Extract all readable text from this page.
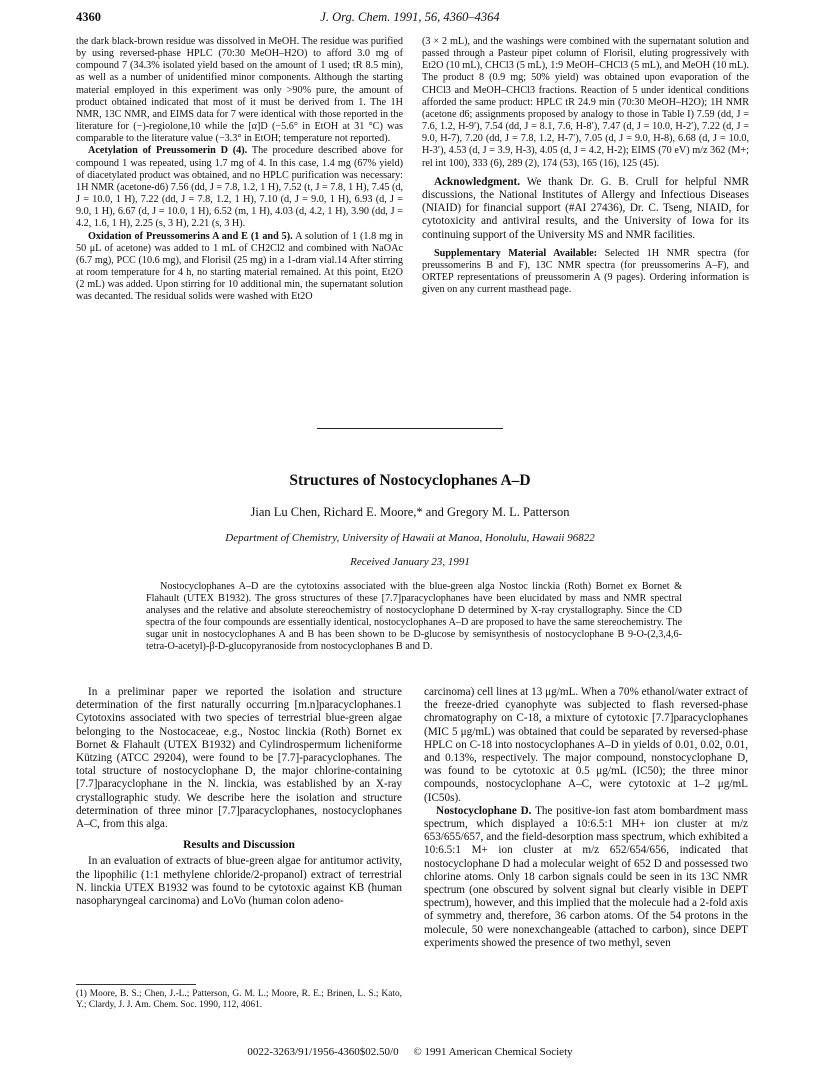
4360	J. Org. Chem. 1991, 56, 4360–4364

the dark black-brown residue was dissolved in MeOH. The residue was purified by using reversed-phase HPLC (70:30 MeOH–H2O) to afford 3.0 mg of compound 7 (34.3% isolated yield based on the amount of 1 used; tR 8.5 min), as well as a number of unidentified minor components. Although the starting material employed in this experiment was only >90% pure, the amount of product obtained indicated that most of it must be derived from 1. The 1H NMR, 13C NMR, and EIMS data for 7 were identical with those reported in the literature for (−)-regiolone,10 while the [α]D (−5.6° in EtOH at 31 °C) was comparable to the literature value (−3.3° in EtOH; temperature not reported).

Acetylation of Preussomerin D (4). The procedure described above for compound 1 was repeated, using 1.7 mg of 4. In this case, 1.4 mg (67% yield) of diacetylated product was obtained, and no HPLC purification was necessary: 1H NMR (acetone-d6) 7.56 (dd, J = 7.8, 1.2, 1 H), 7.52 (t, J = 7.8, 1 H), 7.45 (d, J = 10.0, 1 H), 7.22 (dd, J = 7.8, 1.2, 1 H), 7.10 (d, J = 9.0, 1 H), 6.93 (d, J = 9.0, 1 H), 6.67 (d, J = 10.0, 1 H), 6.52 (m, 1 H), 4.03 (d, 4.2, 1 H), 3.90 (dd, J = 4.2, 1.6, 1 H), 2.25 (s, 3 H), 2.21 (s, 3 H).

Oxidation of Preussomerins A and E (1 and 5). A solution of 1 (1.8 mg in 50 μL of acetone) was added to 1 mL of CH2Cl2 and combined with NaOAc (6.7 mg), PCC (10.6 mg), and Florisil (25 mg) in a 1-dram vial.14 After stirring at room temperature for 4 h, no starting material remained. At this point, Et2O (2 mL) was added. Upon stirring for 10 additional min, the supernatant solution was decanted. The residual solids were washed with Et2O

(3 × 2 mL), and the washings were combined with the supernatant solution and passed through a Pasteur pipet column of Florisil, eluting progressively with Et2O (10 mL), CHCl3 (5 mL), 1:9 MeOH–CHCl3 (5 mL), and MeOH (10 mL). The product 8 (0.9 mg; 50% yield) was obtained upon evaporation of the CHCl3 and MeOH–CHCl3 fractions. Reaction of 5 under identical conditions afforded the same product: HPLC tR 24.9 min (70:30 MeOH–H2O); 1H NMR (acetone d6; assignments proposed by analogy to those in Table I) 7.59 (dd, J = 7.6, 1.2, H-9′), 7.54 (dd, J = 8.1, 7.6, H-8′), 7.47 (d, J = 10.0, H-2′), 7.22 (d, J = 9.0, H-7), 7.20 (dd, J = 7.8, 1.2, H-7′), 7.05 (d, J = 9.0, H-8), 6.68 (d, J = 10.0, H-3′), 4.53 (d, J = 3.9, H-3), 4.05 (d, J = 4.2, H-2); EIMS (70 eV) m/z 362 (M+; rel int 100), 333 (6), 289 (2), 174 (53), 165 (16), 125 (45).

Acknowledgment. We thank Dr. G. B. Crull for helpful NMR discussions, the National Institutes of Allergy and Infectious Diseases (NIAID) for financial support (#AI 27436), Dr. C. Tseng, NIAID, for cytotoxicity and antiviral results, and the University of Iowa for its continuing support of the University MS and NMR facilities.

Supplementary Material Available: Selected 1H NMR spectra (for preussomerins B and F), 13C NMR spectra (for preussomerins A–F), and ORTEP representations of preussomerin A (9 pages). Ordering information is given on any current masthead page.

Structures of Nostocyclophanes A–D
Jian Lu Chen, Richard E. Moore,* and Gregory M. L. Patterson
Department of Chemistry, University of Hawaii at Manoa, Honolulu, Hawaii 96822
Received January 23, 1991
Nostocyclophanes A–D are the cytotoxins associated with the blue-green alga Nostoc linckia (Roth) Bornet ex Bornet & Flahault (UTEX B1932). The gross structures of these [7.7]paracyclophanes have been elucidated by mass and NMR spectral analyses and the relative and absolute stereochemistry of nostocyclophane D determined by X-ray crystallography. Since the CD spectra of the four compounds are essentially identical, nostocyclophanes A–D are proposed to have the same stereochemistry. The sugar unit in nostocyclophanes A and B has been shown to be D-glucose by semisynthesis of nostocyclophane B 9-O-(2,3,4,6-tetra-O-acetyl)-β-D-glucopyranoside from nostocyclophanes B and D.

In a preliminar paper we reported the isolation and structure determination of the first naturally occurring [m.n]paracyclophanes.1 Cytotoxins associated with two species of terrestrial blue-green algae belonging to the Nostocaceae, e.g., Nostoc linckia (Roth) Bornet ex Bornet & Flahault (UTEX B1932) and Cylindrospermum licheniforme Kützing (ATCC 29204), were found to be [7.7]-paracyclophanes. The total structure of nostocyclophane D, the major chlorine-containing [7.7]paracyclophane in the N. linckia, was established by an X-ray crystallographic study. We describe here the isolation and structure determination of three minor [7.7]paracyclophanes, nostocyclophanes A–C, from this alga.

Results and Discussion

In an evaluation of extracts of blue-green algae for antitumor activity, the lipophilic (1:1 methylene chloride/2-propanol) extract of terrestrial N. linckia UTEX B1932 was found to be cytotoxic against KB (human nasopharyngeal carcinoma) and LoVo (human colon adeno-

(1) Moore, B. S.; Chen, J.-L.; Patterson, G. M. L.; Moore, R. E.; Brinen, L. S.; Kato, Y.; Clardy, J. J. Am. Chem. Soc. 1990, 112, 4061.

carcinoma) cell lines at 13 μg/mL. When a 70% ethanol/water extract of the freeze-dried cyanophyte was subjected to flash reversed-phase chromatography on C-18, a mixture of cytotoxic [7.7]paracyclophanes (MIC 5 μg/mL) was obtained that could be separated by reversed-phase HPLC on C-18 into nostocyclophanes A–D in yields of 0.01, 0.02, 0.01, and 0.13%, respectively. The major compound, nonstocyclophane D, was found to be cytotoxic at 0.5 μg/mL (IC50); the three minor compounds, nostocyclophane A–C, were cytotoxic at 1–2 μg/mL (IC50s).

Nostocyclophane D. The positive-ion fast atom bombardment mass spectrum, which displayed a 10:6.5:1 MH+ ion cluster at m/z 653/655/657, and the field-desorption mass spectrum, which exhibited a 10:6.5:1 M+ ion cluster at m/z 652/654/656, indicated that nostocyclophane D had a molecular weight of 652 D and possessed two chlorine atoms. Only 18 carbon signals could be seen in its 13C NMR spectrum (one obscured by solvent signal but clearly visible in DEPT spectrum), however, and this implied that the molecule had a 2-fold axis of symmetry and, therefore, 36 carbon atoms. Of the 54 protons in the molecule, 50 were nonexchangeable (attached to carbon), since DEPT experiments showed the presence of two methyl, seven

0022-3263/91/1956-4360$02.50/0 © 1991 American Chemical Society
